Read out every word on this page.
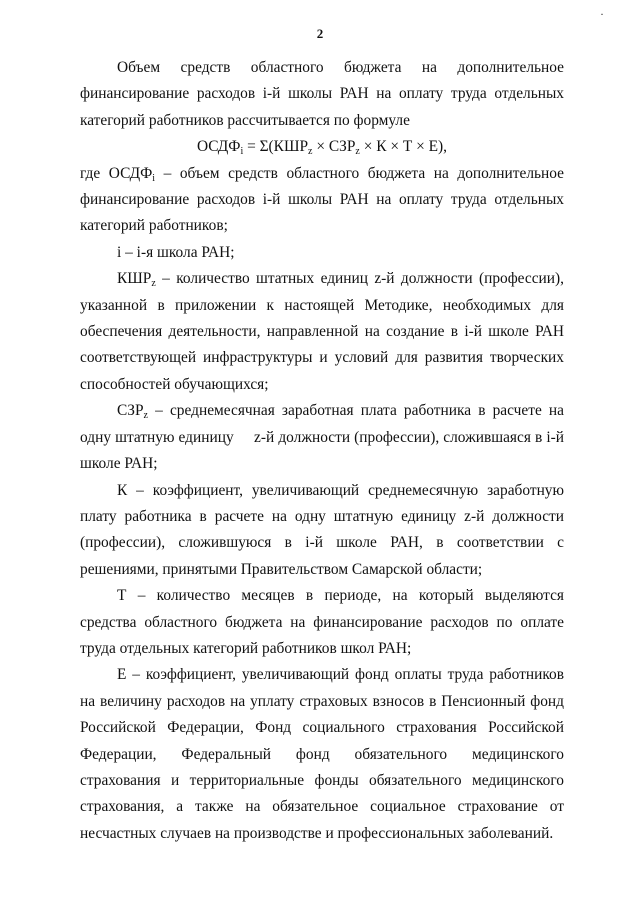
·
2

Объем средств областного бюджета на дополнительное финансирование расходов i-й школы РАН на оплату труда отдельных категорий работников рассчитывается по формуле

$ОСДФ_i = \Sigma(КШР_z \times СЗР_z \times К \times Т \times Е)$,

где $ОСДФ_i$ – объем средств областного бюджета на дополнительное финансирование расходов i-й школы РАН на оплату труда отдельных категорий работников;

i – i-я школа РАН;

$КШР_z$ – количество штатных единиц z-й должности (профессии), указанной в приложении к настоящей Методике, необходимых для обеспечения деятельности, направленной на создание в i-й школе РАН соответствующей инфраструктуры и условий для развития творческих способностей обучающихся;

$СЗР_z$ – среднемесячная заработная плата работника в расчете на одну штатную единицу     z-й должности (профессии), сложившаяся в i-й школе РАН;

К – коэффициент, увеличивающий среднемесячную заработную плату работника в расчете на одну штатную единицу z-й должности (профессии), сложившуюся в i-й школе РАН, в соответствии с решениями, принятыми Правительством Самарской области;

Т – количество месяцев в периоде, на который выделяются средства областного бюджета на финансирование расходов по оплате труда отдельных категорий работников школ РАН;

Е – коэффициент, увеличивающий фонд оплаты труда работников на величину расходов на уплату страховых взносов в Пенсионный фонд Российской Федерации, Фонд социального страхования Российской Федерации, Федеральный фонд обязательного медицинского страхования и территориальные фонды обязательного медицинского страхования, а также на обязательное социальное страхование от несчастных случаев на производстве и профессиональных заболеваний.
